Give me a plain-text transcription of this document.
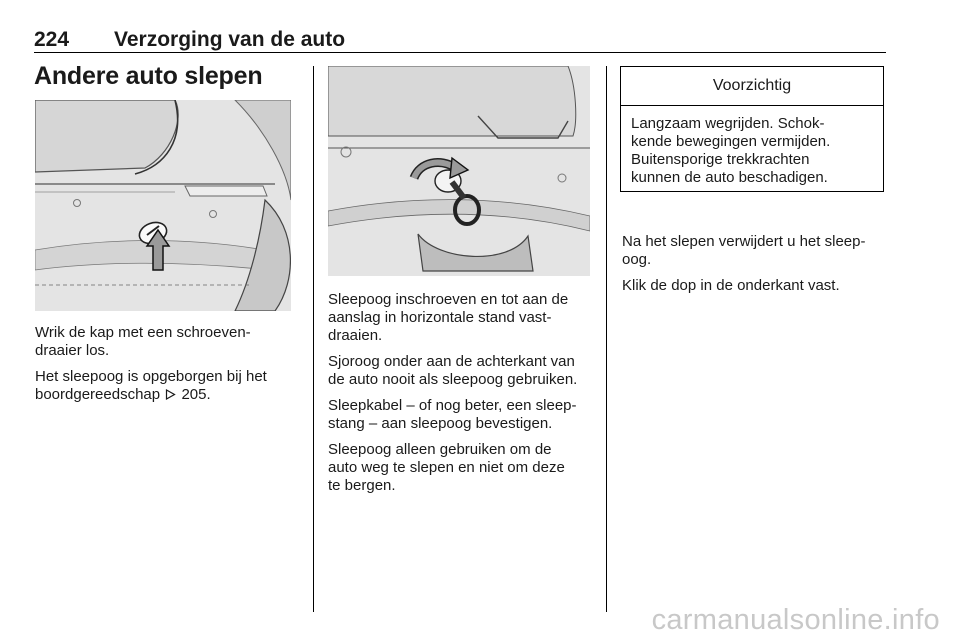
224 Verzorging van de auto
Andere auto slepen

Wrik de kap met een schroeven-
draaier los.

Het sleepoog is opgeborgen bij het
boordgereedschap 205.

Sleepoog inschroeven en tot aan de
aanslag in horizontale stand vast-
draaien.

Sjoroog onder aan de achterkant van
de auto nooit als sleepoog gebruiken.

Sleepkabel – of nog beter, een sleep-
stang – aan sleepoog bevestigen.

Sleepoog alleen gebruiken om de
auto weg te slepen en niet om deze
te bergen.

Voorzichtig
Langzaam wegrijden. Schok-
kende bewegingen vermijden.
Buitensporige trekkrachten
kunnen de auto beschadigen.

Na het slepen verwijdert u het sleep-
oog.

Klik de dop in de onderkant vast.

carmanualsonline.info
